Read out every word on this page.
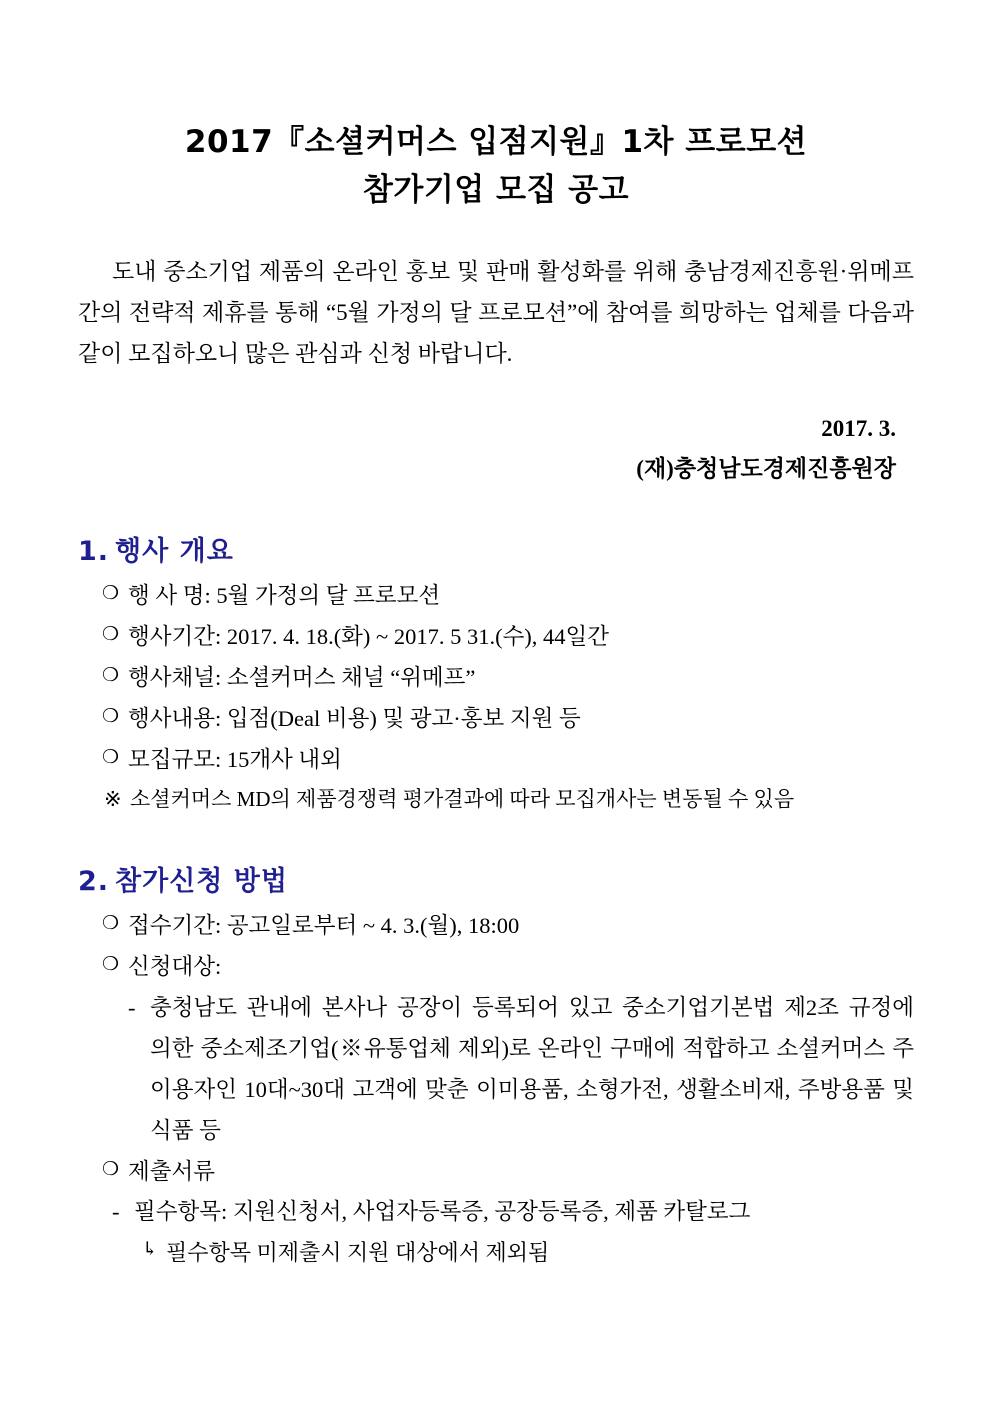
2017『소셜커머스 입점지원』1차 프로모션
참가기업 모집 공고

도내 중소기업 제품의 온라인 홍보 및 판매 활성화를 위해 충남경제진흥원·위메프 간의 전략적 제휴를 통해 “5월 가정의 달 프로모션”에 참여를 희망하는 업체를 다음과 같이 모집하오니 많은 관심과 신청 바랍니다.

2017. 3.
(재)충청남도경제진흥원장
1. 행사 개요
❍ 행 사 명: 5월 가정의 달 프로모션
❍ 행사기간: 2017. 4. 18.(화) ~ 2017. 5 31.(수), 44일간
❍ 행사채널: 소셜커머스 채널 “위메프”
❍ 행사내용: 입점(Deal 비용) 및 광고·홍보 지원 등
❍ 모집규모: 15개사 내외
※ 소셜커머스 MD의 제품경쟁력 평가결과에 따라 모집개사는 변동될 수 있음
2. 참가신청 방법
❍ 접수기간: 공고일로부터 ~ 4. 3.(월), 18:00
❍ 신청대상:
- 충청남도 관내에 본사나 공장이 등록되어 있고 중소기업기본법 제2조 규정에 의한 중소제조기업(※유통업체 제외)로 온라인 구매에 적합하고 소셜커머스 주 이용자인 10대~30대 고객에 맞춘 이미용품, 소형가전, 생활소비재, 주방용품 및 식품 등
❍ 제출서류
- 필수항목: 지원신청서, 사업자등록증, 공장등록증, 제품 카탈로그
↳ 필수항목 미제출시 지원 대상에서 제외됨
